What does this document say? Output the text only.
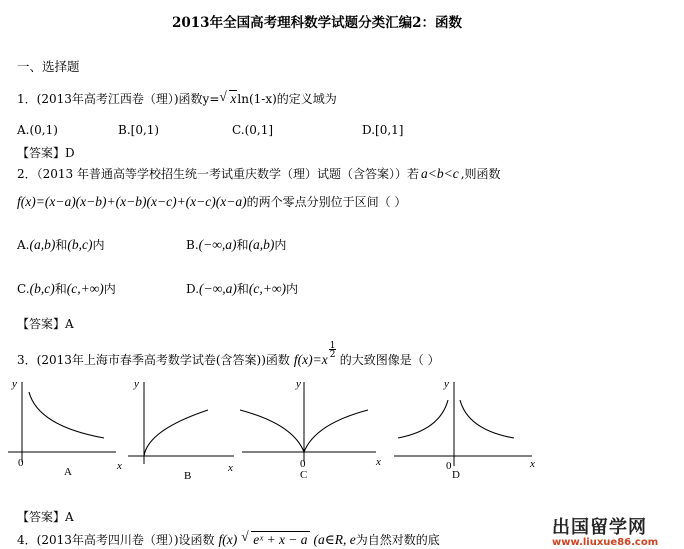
2013年全国高考理科数学试题分类汇编2：函数
一、选择题
1．(2013年高考江西卷（理）)函数y= √ xln(1-x)的定义域为
A.(0,1)	B.[0,1)	C.(0,1]	D.[0,1]
【答案】D
2．（2013 年普通高等学校招生统一考试重庆数学（理）试题（含答案））若 a<b<c ,则函数
f(x)=(x−a)(x−b)+(x−b)(x−c)+(x−c)(x−a)的两个零点分别位于区间（ ）
A.(a,b)和(b,c)内	B.(−∞,a)和(a,b)内
C.(b,c)和(c,+∞)内	D.(−∞,a)和(c,+∞)内
【答案】A
3．(2013年上海市春季高考数学试卷(含答案))函数 $f(x)=x \frac{1}{2}$ 的大致图像是（ ）
y
x
0
A
y
x
B
y
x
0
C
y
x
0
D
【答案】A
4．(2013年高考四川卷（理）)设函数 f(x) √ eˣ + x − a (a∈R, e为自然对数的底
出国留学网
www.liuxue86.com
